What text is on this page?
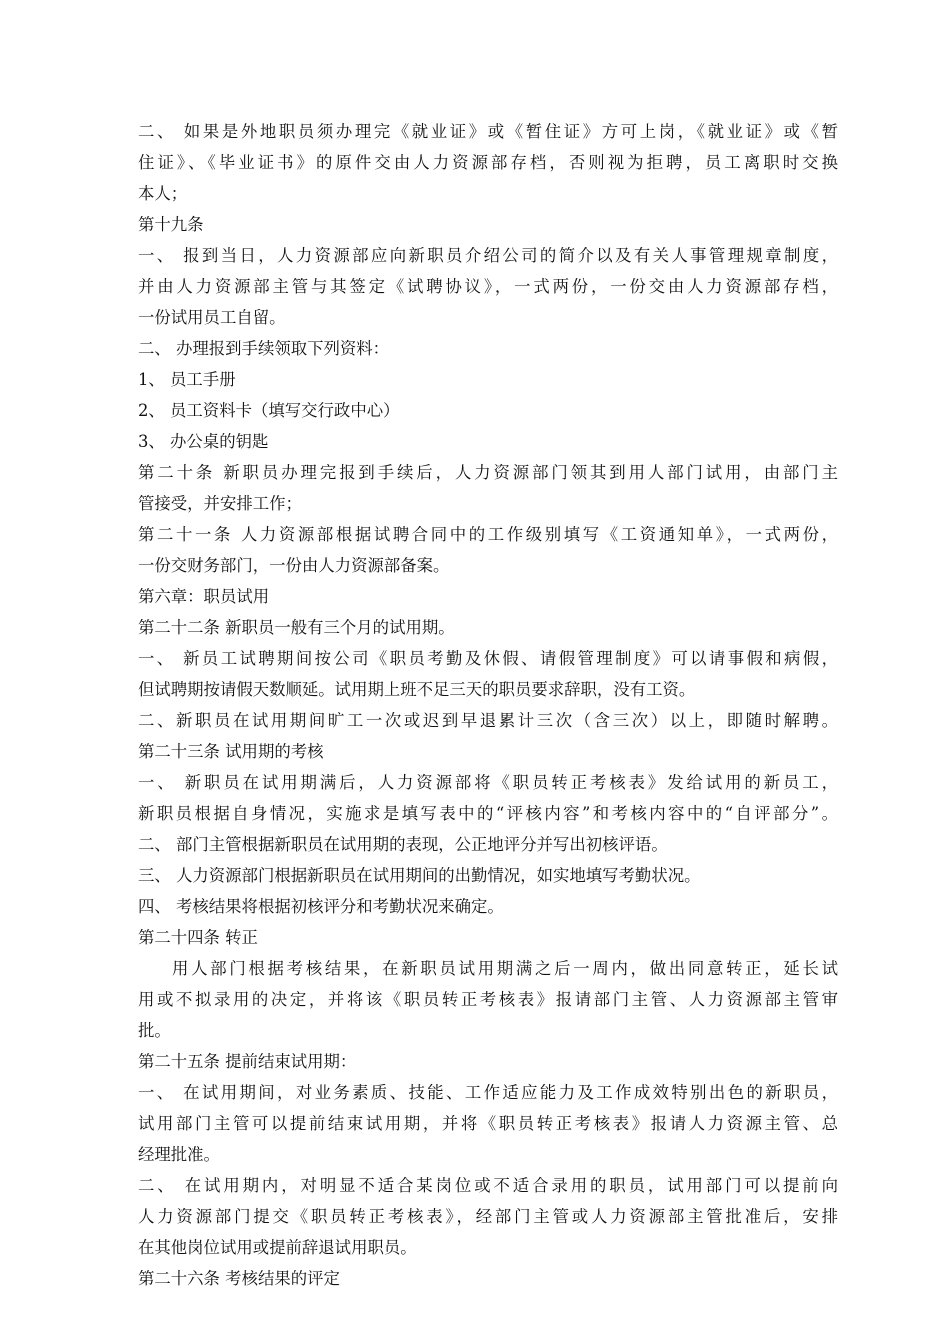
二、 如果是外地职员须办理完《就业证》或《暂住证》方可上岗，《就业证》或《暂
住证》、《毕业证书》的原件交由人力资源部存档，否则视为拒聘，员工离职时交换
本人；
第十九条
一、 报到当日，人力资源部应向新职员介绍公司的简介以及有关人事管理规章制度，
并由人力资源部主管与其签定《试聘协议》，一式两份，一份交由人力资源部存档，
一份试用员工自留。
二、 办理报到手续领取下列资料：
1、 员工手册
2、 员工资料卡（填写交行政中心）
3、 办公桌的钥匙
第二十条 新职员办理完报到手续后，人力资源部门领其到用人部门试用，由部门主
管接受，并安排工作；
第二十一条 人力资源部根据试聘合同中的工作级别填写《工资通知单》，一式两份，
一份交财务部门，一份由人力资源部备案。
第六章：职员试用
第二十二条 新职员一般有三个月的试用期。
一、 新员工试聘期间按公司《职员考勤及休假、请假管理制度》可以请事假和病假，
但试聘期按请假天数顺延。试用期上班不足三天的职员要求辞职，没有工资。
二、新职员在试用期间旷工一次或迟到早退累计三次（含三次）以上，即随时解聘。
第二十三条 试用期的考核
一、 新职员在试用期满后，人力资源部将《职员转正考核表》发给试用的新员工，
新职员根据自身情况，实施求是填写表中的“评核内容”和考核内容中的“自评部分”。
二、 部门主管根据新职员在试用期的表现，公正地评分并写出初核评语。
三、 人力资源部门根据新职员在试用期间的出勤情况，如实地填写考勤状况。
四、 考核结果将根据初核评分和考勤状况来确定。
第二十四条 转正
用人部门根据考核结果，在新职员试用期满之后一周内，做出同意转正，延长试
用或不拟录用的决定，并将该《职员转正考核表》报请部门主管、人力资源部主管审
批。
第二十五条 提前结束试用期：
一、 在试用期间，对业务素质、技能、工作适应能力及工作成效特别出色的新职员，
试用部门主管可以提前结束试用期，并将《职员转正考核表》报请人力资源主管、总
经理批准。
二、 在试用期内，对明显不适合某岗位或不适合录用的职员，试用部门可以提前向
人力资源部门提交《职员转正考核表》，经部门主管或人力资源部主管批准后，安排
在其他岗位试用或提前辞退试用职员。
第二十六条 考核结果的评定
